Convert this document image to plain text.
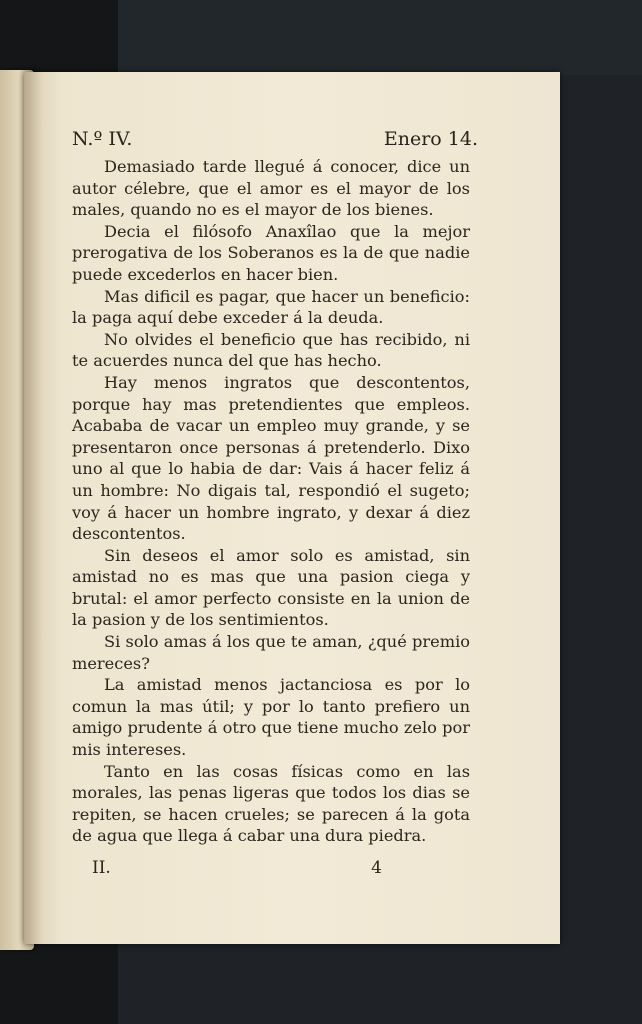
N.º IV.	Enero 14.

Demasiado tarde llegué á conocer, dice un autor célebre, que el amor es el mayor de los males, quando no es el mayor de los bienes.

Decia el filósofo Anaxîlao que la mejor prerogativa de los Soberanos es la de que nadie puede excederlos en hacer bien.

Mas dificil es pagar, que hacer un beneficio: la paga aquí debe exceder á la deuda.

No olvides el beneficio que has recibido, ni te acuerdes nunca del que has hecho.

Hay menos ingratos que descontentos, porque hay mas pretendientes que empleos. Acababa de vacar un empleo muy grande, y se presentaron once personas á pretenderlo. Dixo uno al que lo habia de dar: Vais á hacer feliz á un hombre: No digais tal, respondió el sugeto; voy á hacer un hombre ingrato, y dexar á diez descontentos.

Sin deseos el amor solo es amistad, sin amistad no es mas que una pasion ciega y brutal: el amor perfecto consiste en la union de la pasion y de los sentimientos.

Si solo amas á los que te aman, ¿qué premio mereces?

La amistad menos jactanciosa es por lo comun la mas útil; y por lo tanto prefiero un amigo prudente á otro que tiene mucho zelo por mis intereses.

Tanto en las cosas físicas como en las morales, las penas ligeras que todos los dias se repiten, se hacen crueles; se parecen á la gota de agua que llega á cabar una dura piedra.

II.	4
